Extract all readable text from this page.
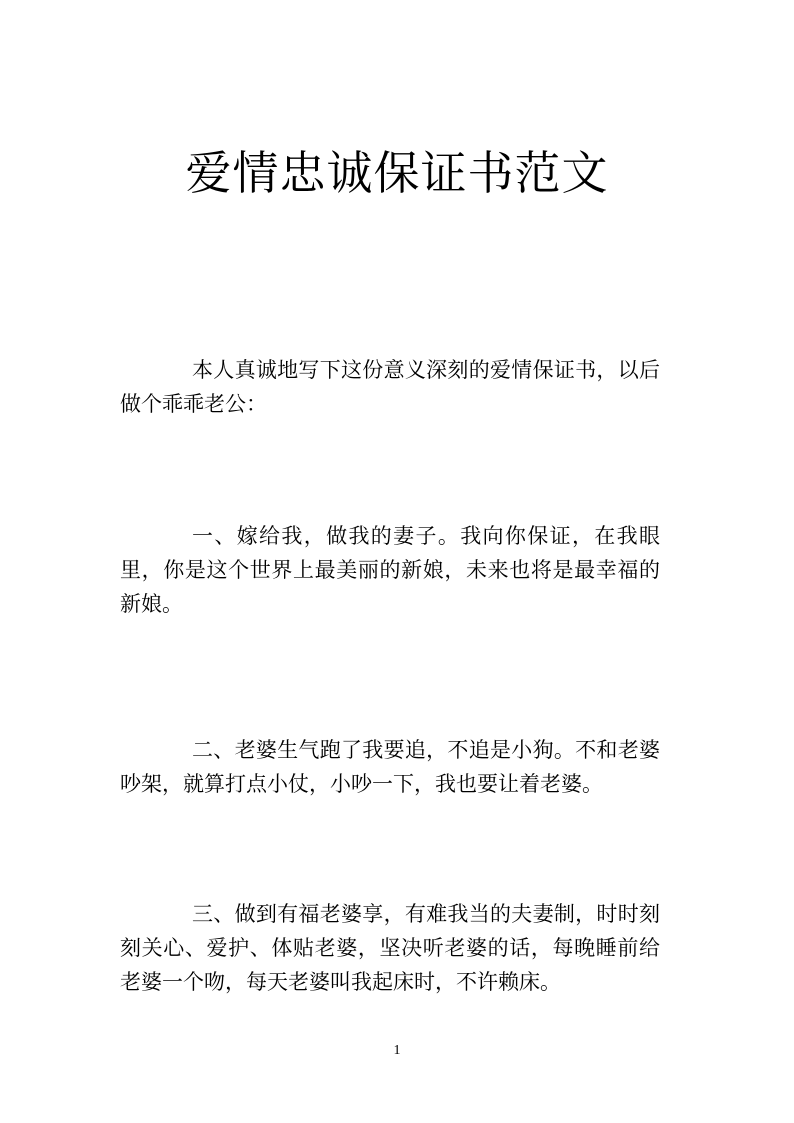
爱情忠诚保证书范文

本人真诚地写下这份意义深刻的爱情保证书，以后做个乖乖老公：

一、嫁给我，做我的妻子。我向你保证，在我眼里，你是这个世界上最美丽的新娘，未来也将是最幸福的新娘。

二、老婆生气跑了我要追，不追是小狗。不和老婆吵架，就算打点小仗，小吵一下，我也要让着老婆。

三、做到有福老婆享，有难我当的夫妻制，时时刻刻关心、爱护、体贴老婆，坚决听老婆的话，每晚睡前给老婆一个吻，每天老婆叫我起床时，不许赖床。

1
